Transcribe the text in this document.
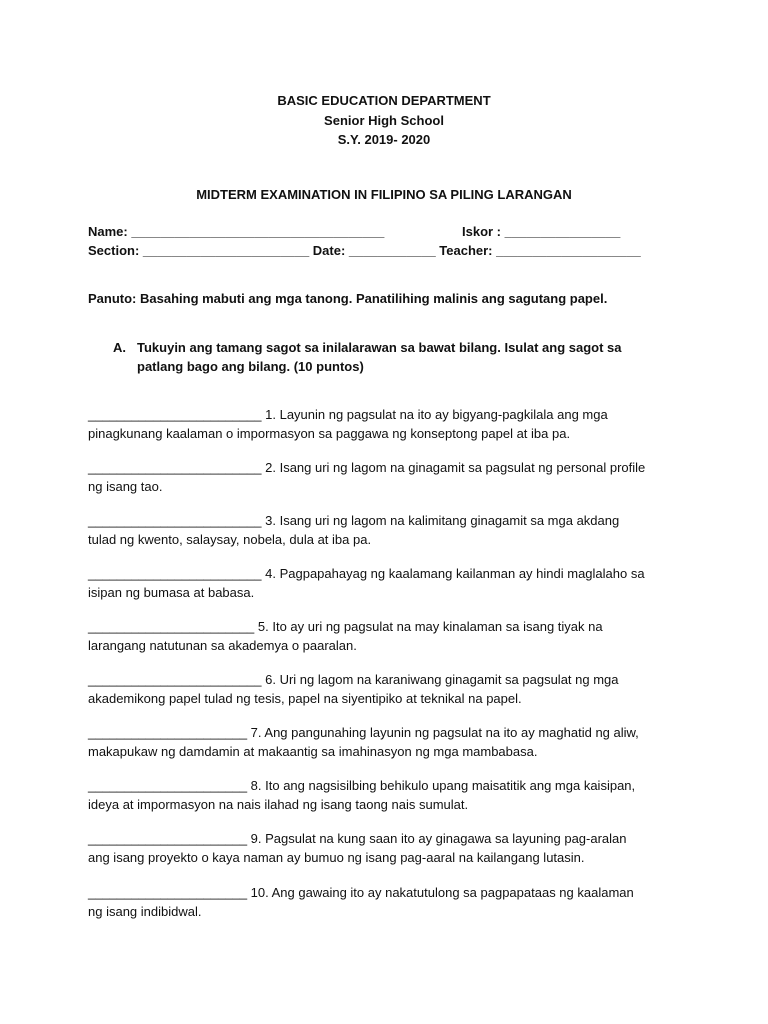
BASIC EDUCATION DEPARTMENT
Senior High School
S.Y. 2019- 2020
MIDTERM EXAMINATION IN FILIPINO SA PILING LARANGAN
Name: ___________________________________	Iskor : ________________
Section: _______________________ Date: ____________ Teacher: ____________________
Panuto: Basahing mabuti ang mga tanong. Panatilihing malinis ang sagutang papel.
A. Tukuyin ang tamang sagot sa inilalarawan sa bawat bilang. Isulat ang sagot sa
patlang bago ang bilang. (10 puntos)
________________________ 1. Layunin ng pagsulat na ito ay bigyang-pagkilala ang mga
pinagkunang kaalaman o impormasyon sa paggawa ng konseptong papel at iba pa.
________________________ 2. Isang uri ng lagom na ginagamit sa pagsulat ng personal profile
ng isang tao.
________________________ 3. Isang uri ng lagom na kalimitang ginagamit sa mga akdang
tulad ng kwento, salaysay, nobela, dula at iba pa.
________________________ 4. Pagpapahayag ng kaalamang kailanman ay hindi maglalaho sa
isipan ng bumasa at babasa.
_______________________ 5. Ito ay uri ng pagsulat na may kinalaman sa isang tiyak na
larangang natutunan sa akademya o paaralan.
________________________ 6. Uri ng lagom na karaniwang ginagamit sa pagsulat ng mga
akademikong papel tulad ng tesis, papel na siyentipiko at teknikal na papel.
______________________ 7. Ang pangunahing layunin ng pagsulat na ito ay maghatid ng aliw,
makapukaw ng damdamin at makaantig sa imahinasyon ng mga mambabasa.
______________________ 8. Ito ang nagsisilbing behikulo upang maisatitik ang mga kaisipan,
ideya at impormasyon na nais ilahad ng isang taong nais sumulat.
______________________ 9. Pagsulat na kung saan ito ay ginagawa sa layuning pag-aralan
ang isang proyekto o kaya naman ay bumuo ng isang pag-aaral na kailangang lutasin.
______________________ 10. Ang gawaing ito ay nakatutulong sa pagpapataas ng kaalaman
ng isang indibidwal.
